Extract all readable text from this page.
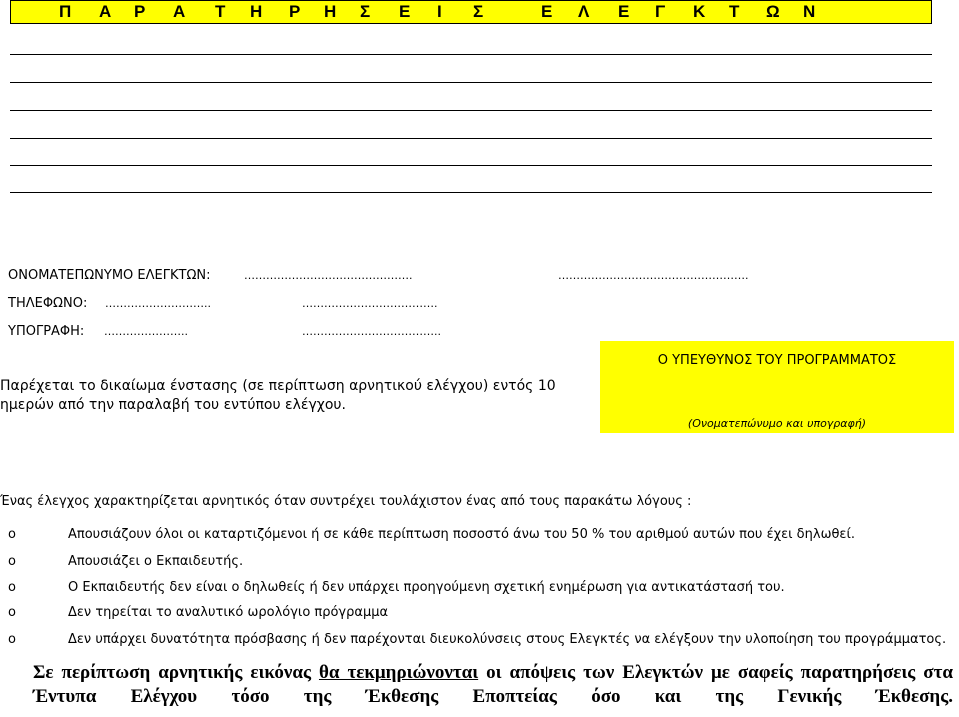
Π Α Ρ Α Τ Η Ρ Η Σ Ε Ι Σ	Ε Λ Ε Γ Κ Τ Ω Ν
ΟΝΟΜΑΤΕΠΩΝΥΜΟ ΕΛΕΓΚΤΩΝ:	……………………………………….	…………………………………………….
ΤΗΛΕΦΩΝΟ: ………………………..	……………………………….
ΥΠΟΓΡΑΦΗ: …………………..	………………………………..
Παρέχεται το δικαίωμα ένστασης (σε περίπτωση αρνητικού ελέγχου) εντός 10 ημερών από την παραλαβή του εντύπου ελέγχου.
Ο ΥΠΕΥΘΥΝΟΣ ΤΟΥ ΠΡΟΓΡΑΜΜΑΤΟΣ
(Ονοματεπώνυμο και υπογραφή)
Ένας έλεγχος χαρακτηρίζεται αρνητικός όταν συντρέχει τουλάχιστον ένας από τους παρακάτω λόγους :
o	Απουσιάζουν όλοι οι καταρτιζόμενοι ή σε κάθε περίπτωση ποσοστό άνω του 50 % του αριθμού αυτών που έχει δηλωθεί.
o	Απουσιάζει ο Εκπαιδευτής.
o	Ο Εκπαιδευτής δεν είναι ο δηλωθείς ή δεν υπάρχει προηγούμενη σχετική ενημέρωση για αντικατάστασή του.
o	Δεν τηρείται το αναλυτικό ωρολόγιο πρόγραμμα
o	Δεν υπάρχει δυνατότητα πρόσβασης ή δεν παρέχονται διευκολύνσεις στους Ελεγκτές να ελέγξουν την υλοποίηση του προγράμματος.
Σε περίπτωση αρνητικής εικόνας θα τεκμηριώνονται οι απόψεις των Ελεγκτών με σαφείς παρατηρήσεις στα Έντυπα Ελέγχου τόσο της Έκθεσης Εποπτείας όσο και της Γενικής Έκθεσης.
